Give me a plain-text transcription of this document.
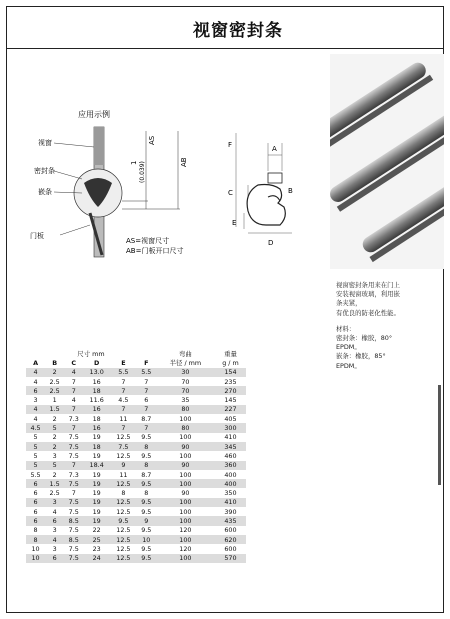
视窗密封条
应用示例
视窗
密封条
嵌条
门板
AS
AB
1 (0.039)
AS=视窗尺寸
AB=门板开口尺寸
F	A
C	B
E
D

视窗密封条用来在门上

安装视窗玻璃，利用嵌

条夹紧，

有优良的防老化性能。

材料：

密封条：橡胶，80°

EPDM。

嵌条：橡胶，85°

EPDM。

尺寸 mm						弯曲	重量
A	B	C	D	E	F	半径 / mm	g / m
4	2	4	13.0	5.5	5.5	30	154
4	2.5	7	16	7	7	70	235
6	2.5	7	18	7	7	70	270
3	1	4	11.6	4.5	6	35	145
4	1.5	7	16	7	7	80	227
4	2	7.3	18	11	8.7	100	405
4.5	5	7	16	7	7	80	300
5	2	7.5	19	12.5	9.5	100	410
5	2	7.5	18	7.5	8	90	345
5	3	7.5	19	12.5	9.5	100	460
5	5	7	18.4	9	8	90	360
5.5	2	7.3	19	11	8.7	100	400
6	1.5	7.5	19	12.5	9.5	100	400
6	2.5	7	19	8	8	90	350
6	3	7.5	19	12.5	9.5	100	410
6	4	7.5	19	12.5	9.5	100	390
6	6	8.5	19	9.5	9	100	435
8	3	7.5	22	12.5	9.5	120	600
8	4	8.5	25	12.5	10	100	620
10	3	7.5	23	12.5	9.5	120	600
10	6	7.5	24	12.5	9.5	100	570
